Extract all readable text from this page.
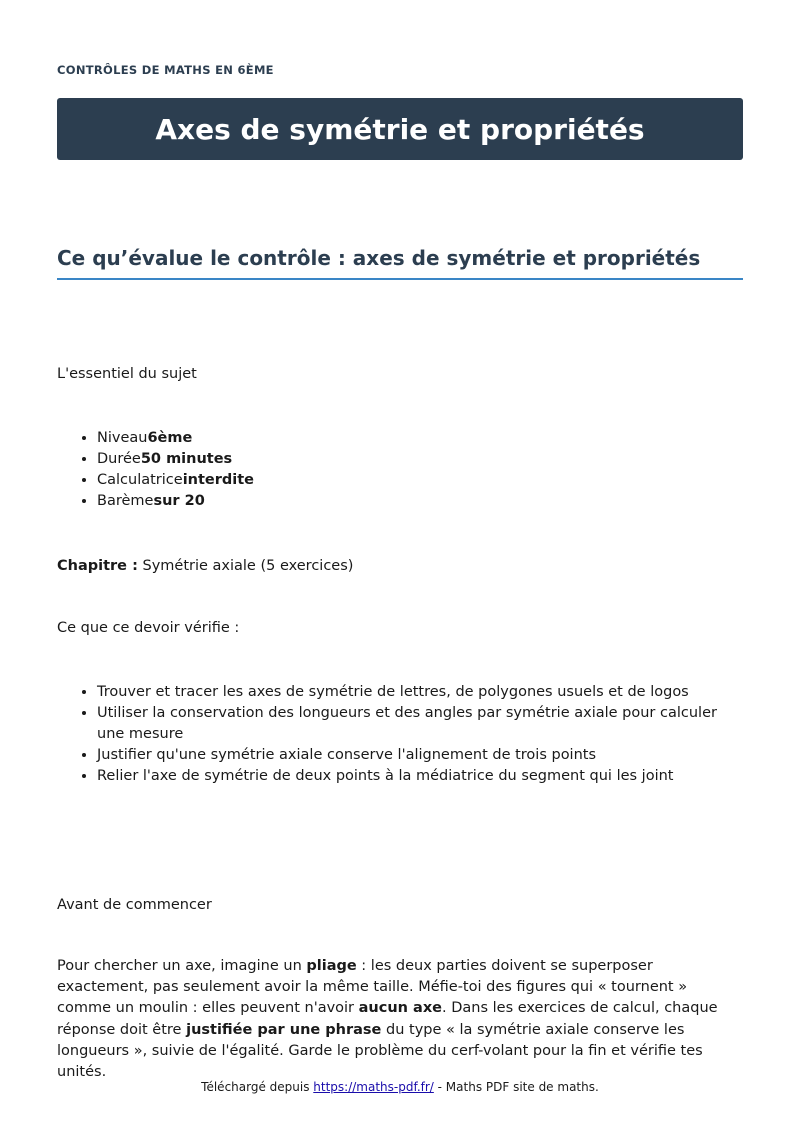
CONTRÔLES DE MATHS EN 6ÈME
Axes de symétrie et propriétés
Ce qu’évalue le contrôle : axes de symétrie et propriétés

L'essentiel du sujet

• Niveau6ème
• Durée50 minutes
• Calculatriceinterdite
• Barèmesur 20

Chapitre : Symétrie axiale (5 exercices)

Ce que ce devoir vérifie :

• Trouver et tracer les axes de symétrie de lettres, de polygones usuels et de logos
• Utiliser la conservation des longueurs et des angles par symétrie axiale pour calculer une mesure
• Justifier qu'une symétrie axiale conserve l'alignement de trois points
• Relier l'axe de symétrie de deux points à la médiatrice du segment qui les joint

Avant de commencer

Pour chercher un axe, imagine un pliage : les deux parties doivent se superposer exactement, pas seulement avoir la même taille. Méfie-toi des figures qui « tournent » comme un moulin : elles peuvent n'avoir aucun axe. Dans les exercices de calcul, chaque réponse doit être justifiée par une phrase du type « la symétrie axiale conserve les longueurs », suivie de l'égalité. Garde le problème du cerf-volant pour la fin et vérifie tes unités.

Téléchargé depuis https://maths-pdf.fr/ - Maths PDF site de maths.
